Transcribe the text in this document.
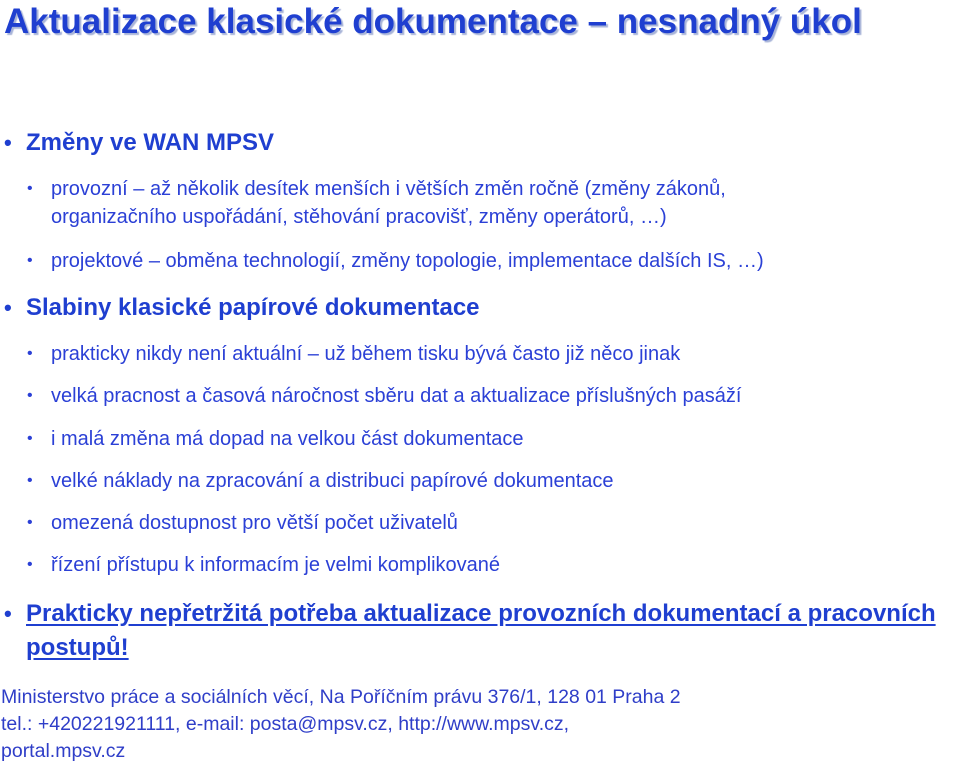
Aktualizace klasické dokumentace – nesnadný úkol
• Změny ve WAN MPSV
• provozní – až několik desítek menších i větších změn ročně (změny zákonů, organizačního uspořádání, stěhování pracovišť, změny operátorů, …)
• projektové – obměna technologií, změny topologie, implementace dalších IS, …)
• Slabiny klasické papírové dokumentace
• prakticky nikdy není aktuální – už během tisku bývá často již něco jinak
• velká pracnost a časová náročnost sběru dat a aktualizace příslušných pasáží
• i malá změna má dopad na velkou část dokumentace
• velké náklady na zpracování a distribuci papírové dokumentace
• omezená dostupnost pro větší počet uživatelů
• řízení přístupu k informacím je velmi komplikované
• Prakticky nepřetržitá potřeba aktualizace provozních dokumentací a pracovních postupů!
Ministerstvo práce a sociálních věcí, Na Poříčním právu 376/1, 128 01 Praha 2
tel.: +420221921111, e-mail: posta@mpsv.cz, http://www.mpsv.cz,
portal.mpsv.cz
